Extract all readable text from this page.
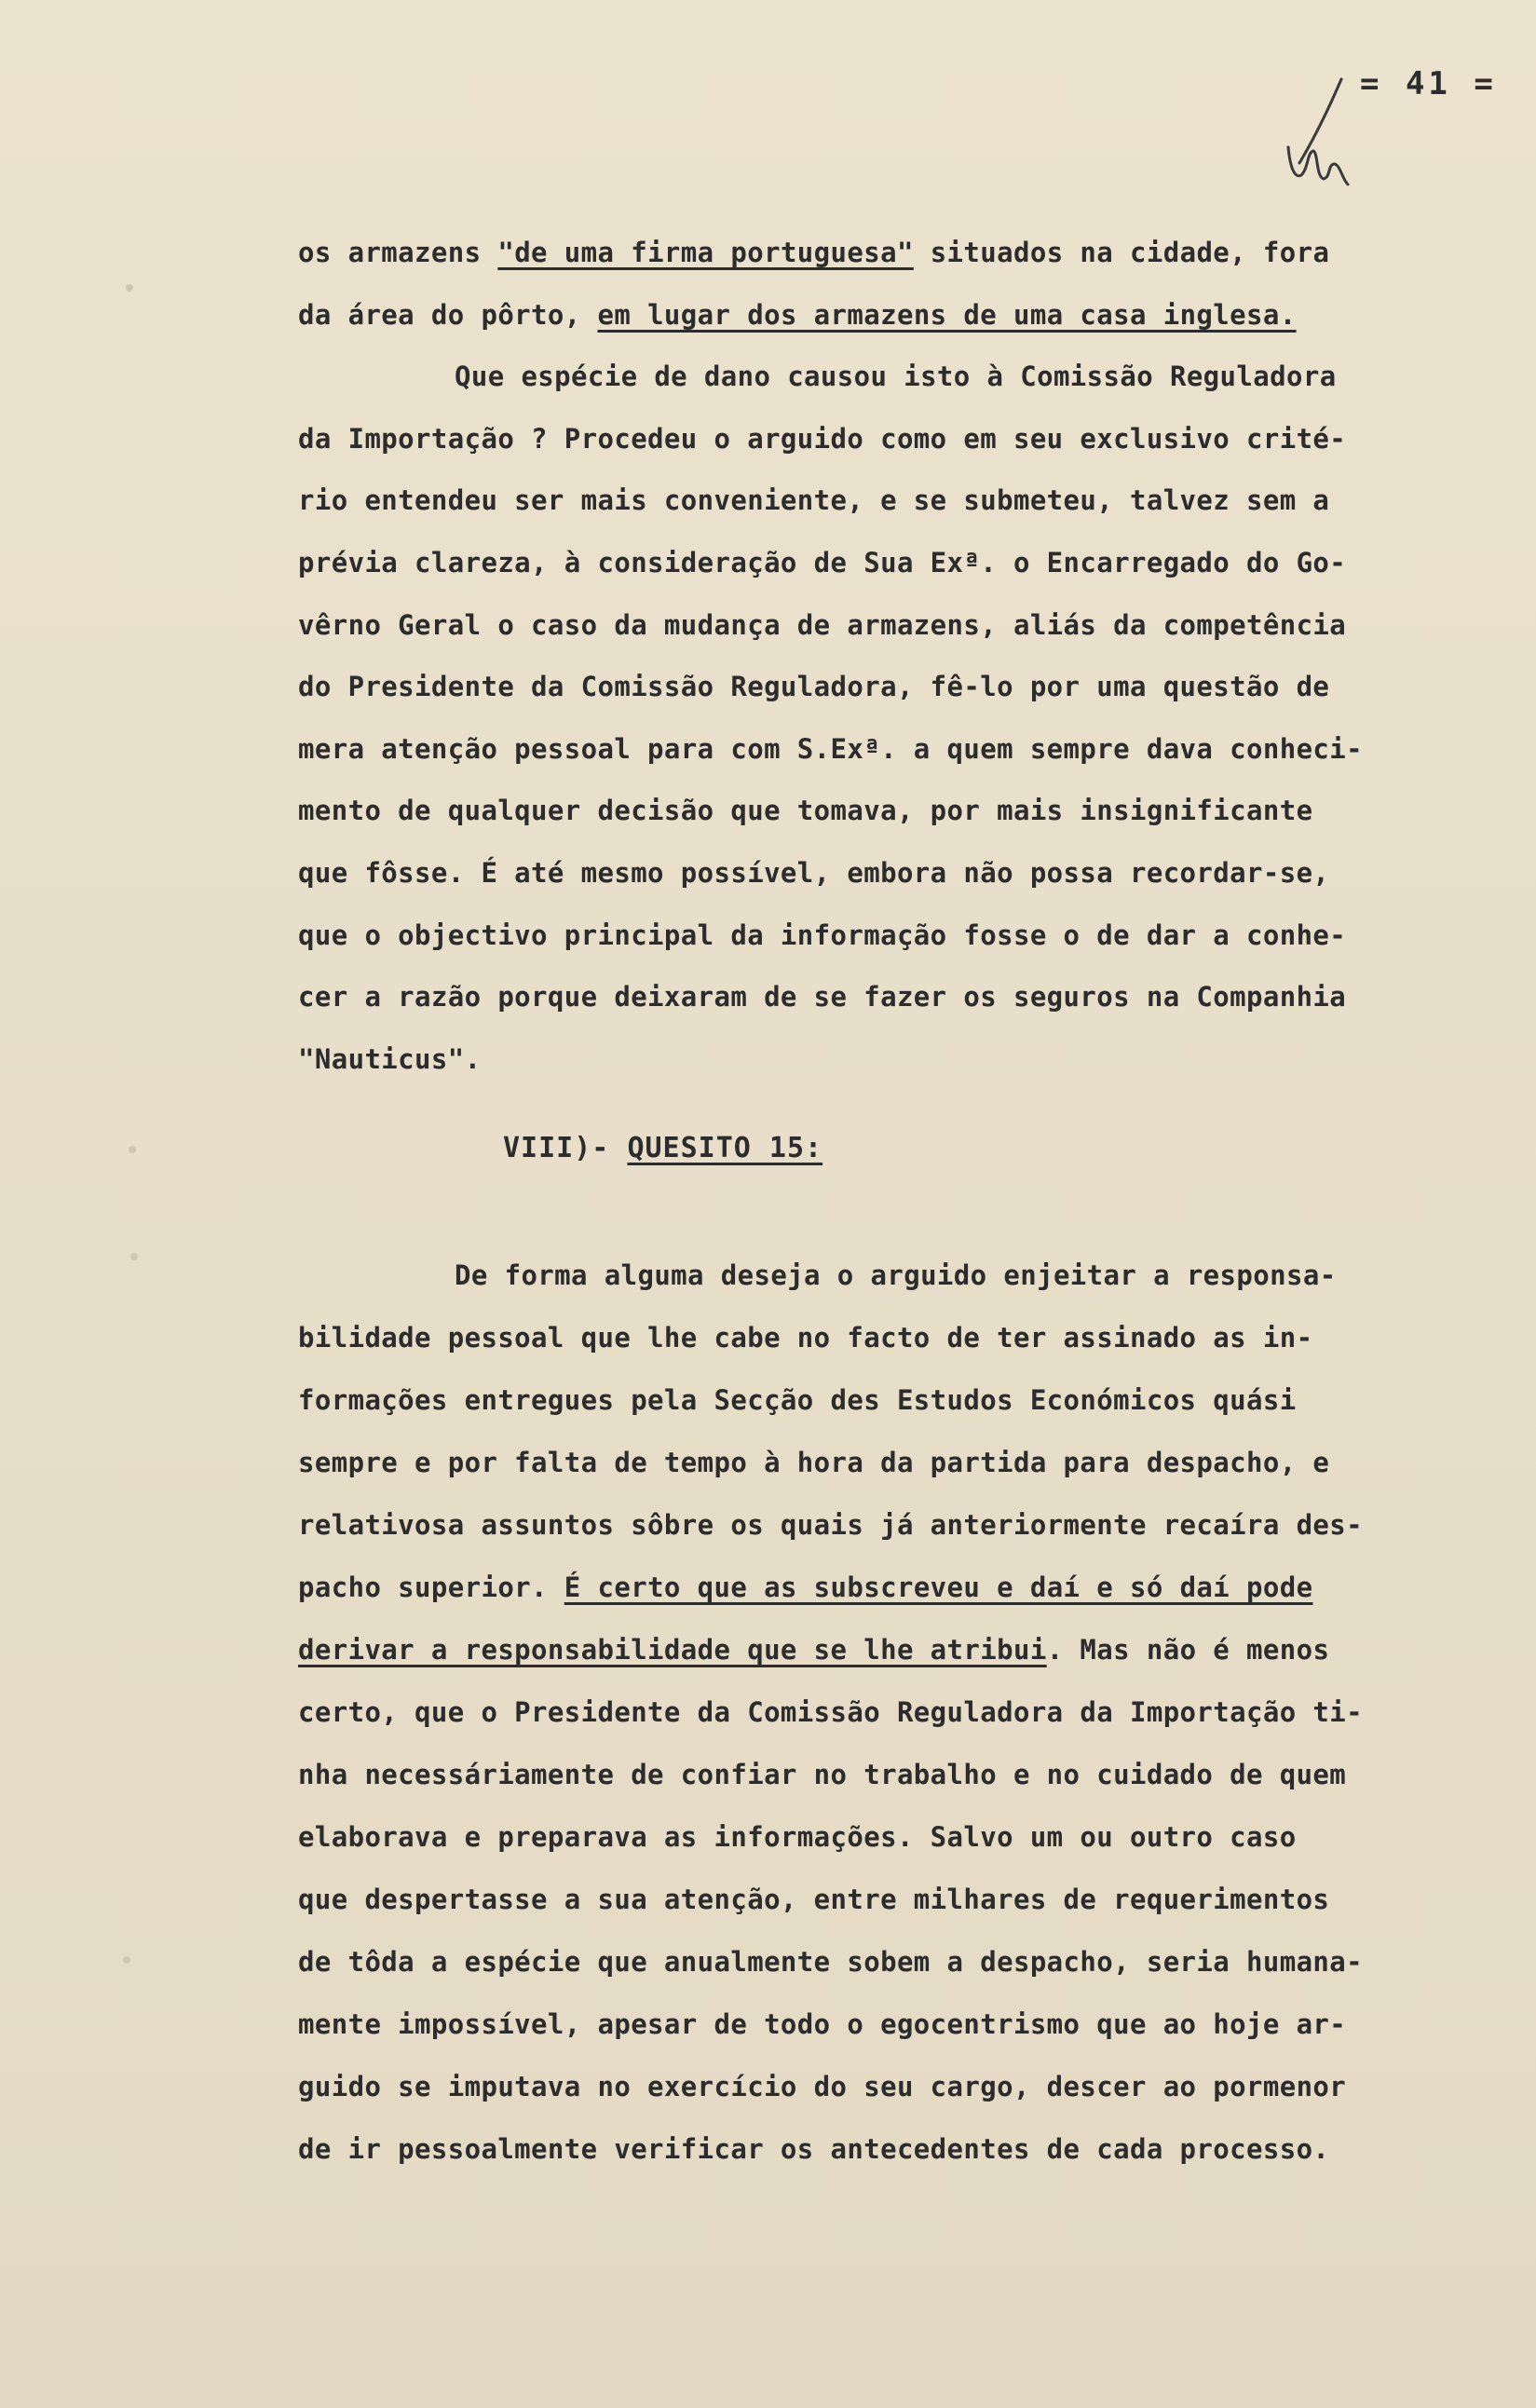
= 41 =

os armazens "de uma firma portuguesa" situados na cidade, fora

da área do pôrto, em lugar dos armazens de uma casa inglesa.

Que espécie de dano causou isto à Comissão Reguladora

da Importação ? Procedeu o arguido como em seu exclusivo crité-

rio entendeu ser mais conveniente, e se submeteu, talvez sem a

prévia clareza, à consideração de Sua Exª. o Encarregado do Go-

vêrno Geral o caso da mudança de armazens, aliás da competência

do Presidente da Comissão Reguladora, fê-lo por uma questão de

mera atenção pessoal para com S.Exª. a quem sempre dava conheci-

mento de qualquer decisão que tomava, por mais insignificante

que fôsse. É até mesmo possível, embora não possa recordar-se,

que o objectivo principal da informação fosse o de dar a conhe-

cer a razão porque deixaram de se fazer os seguros na Companhia

"Nauticus".

VIII)- QUESITO 15:

De forma alguma deseja o arguido enjeitar a responsa-

bilidade pessoal que lhe cabe no facto de ter assinado as in-

formações entregues pela Secção des Estudos Económicos quási

sempre e por falta de tempo à hora da partida para despacho, e

relativosa assuntos sôbre os quais já anteriormente recaíra des-

pacho superior. É certo que as subscreveu e daí e só daí pode

derivar a responsabilidade que se lhe atribui. Mas não é menos

certo, que o Presidente da Comissão Reguladora da Importação ti-

nha necessáriamente de confiar no trabalho e no cuidado de quem

elaborava e preparava as informações. Salvo um ou outro caso

que despertasse a sua atenção, entre milhares de requerimentos

de tôda a espécie que anualmente sobem a despacho, seria humana-

mente impossível, apesar de todo o egocentrismo que ao hoje ar-

guido se imputava no exercício do seu cargo, descer ao pormenor

de ir pessoalmente verificar os antecedentes de cada processo.
